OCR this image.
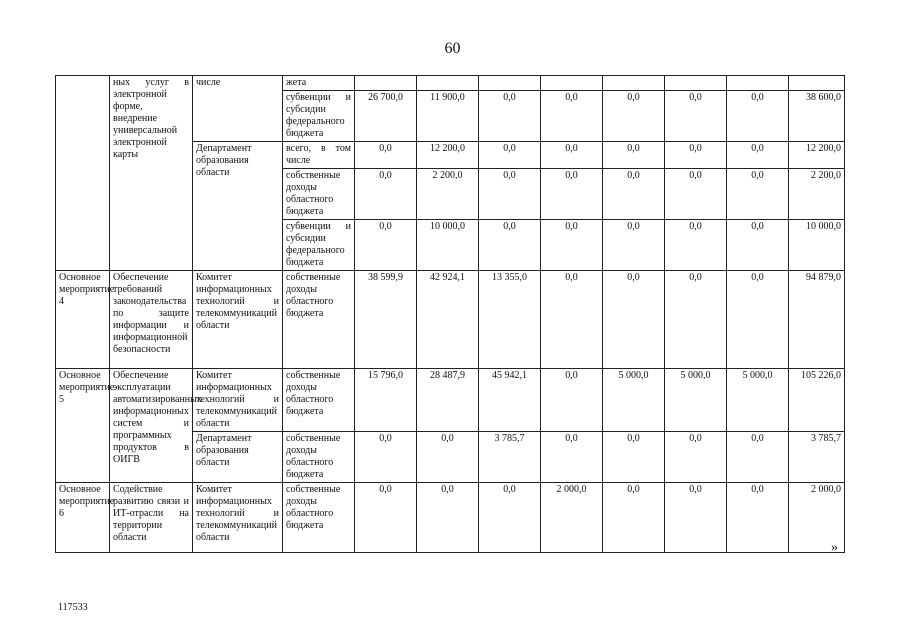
60
	ных услуг в электронной форме, внедрение универсальной электронной карты	числе	жета								
			субвенции и субсидии федерального бюджета	26 700,0	11 900,0	0,0	0,0	0,0	0,0	0,0	38 600,0
		Департамент образования области	всего, в том числе	0,0	12 200,0	0,0	0,0	0,0	0,0	0,0	12 200,0
			собственные доходы областного бюджета	0,0	2 200,0	0,0	0,0	0,0	0,0	0,0	2 200,0
			субвенции и субсидии федерального бюджета	0,0	10 000,0	0,0	0,0	0,0	0,0	0,0	10 000,0
Основное мероприятие 4	Обеспечение требований законодательства по защите информации и информационной безопасности	Комитет информационных технологий и телекоммуникаций области	собственные доходы областного бюджета	38 599,9	42 924,1	13 355,0	0,0	0,0	0,0	0,0	94 879,0
Основное мероприятие 5	Обеспечение эксплуатации автоматизированных информационных систем и программных продуктов в ОИГВ	Комитет информационных технологий и телекоммуникаций области	собственные доходы областного бюджета	15 796,0	28 487,9	45 942,1	0,0	5 000,0	5 000,0	5 000,0	105 226,0
		Департамент образования области	собственные доходы областного бюджета	0,0	0,0	3 785,7	0,0	0,0	0,0	0,0	3 785,7
Основное мероприятие 6	Содействие развитию связи и ИТ-отрасли на территории области	Комитет информационных технологий и телекоммуникаций области	собственные доходы областного бюджета	0,0	0,0	0,0	2 000,0	0,0	0,0	0,0	2 000,0
»
117533
